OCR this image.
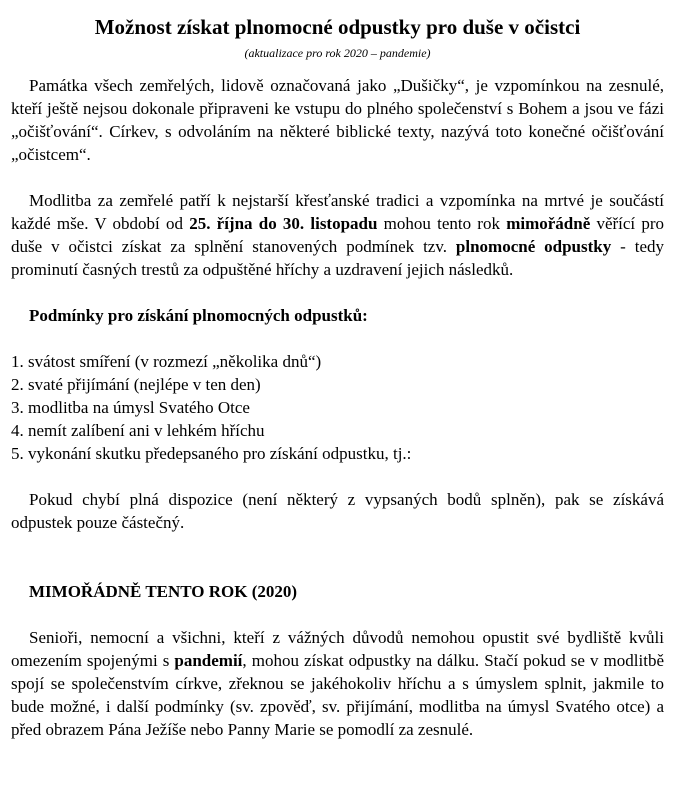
Možnost získat plnomocné odpustky pro duše v očistci
(aktualizace pro rok 2020 – pandemie)

Památka všech zemřelých, lidově označovaná jako „Dušičky“, je vzpomínkou na zesnulé, kteří ještě nejsou dokonale připraveni ke vstupu do plného společenství s Bohem a jsou ve fázi „očišťování“. Církev, s odvoláním na některé biblické texty, nazývá toto konečné očišťování „očistcem“.

Modlitba za zemřelé patří k nejstarší křesťanské tradici a vzpomínka na mrtvé je součástí každé mše. V období od 25. října do 30. listopadu mohou tento rok mimořádně věřící pro duše v očistci získat za splnění stanovených podmínek tzv. plnomocné odpustky - tedy prominutí časných trestů za odpuštěné hříchy a uzdravení jejich následků.

Podmínky pro získání plnomocných odpustků:

1. svátost smíření (v rozmezí „několika dnů“)
2. svaté přijímání (nejlépe v ten den)
3. modlitba na úmysl Svatého Otce
4. nemít zalíbení ani v lehkém hříchu
5. vykonání skutku předepsaného pro získání odpustku, tj.:

Pokud chybí plná dispozice (není některý z vypsaných bodů splněn), pak se získává odpustek pouze částečný.

MIMOŘÁDNĚ TENTO ROK (2020)

Senioři, nemocní a všichni, kteří z vážných důvodů nemohou opustit své bydliště kvůli omezením spojenými s pandemií, mohou získat odpustky na dálku. Stačí pokud se v modlitbě spojí se společenstvím církve, zřeknou se jakéhokoliv hříchu a s úmyslem splnit, jakmile to bude možné, i další podmínky (sv. zpověď, sv. přijímání, modlitba na úmysl Svatého otce) a před obrazem Pána Ježíše nebo Panny Marie se pomodlí za zesnulé.
